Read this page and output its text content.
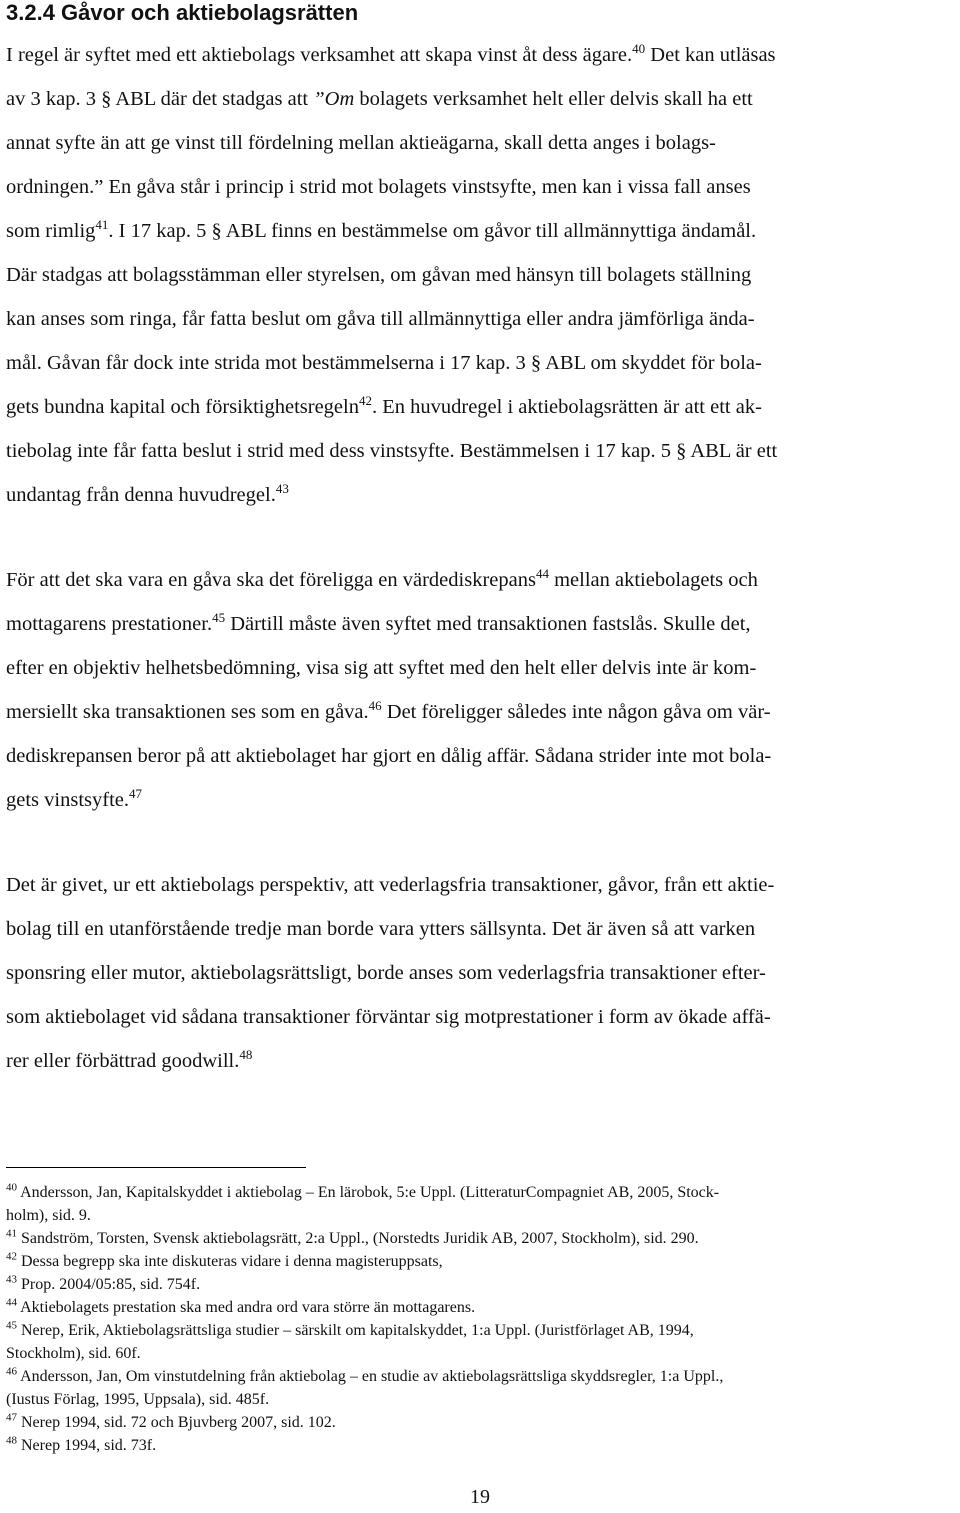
3.2.4 Gåvor och aktiebolagsrätten
I regel är syftet med ett aktiebolags verksamhet att skapa vinst åt dess ägare.$^{40}$ Det kan utläsas
av 3 kap. 3 § ABL där det stadgas att ”Om bolagets verksamhet helt eller delvis skall ha ett
annat syfte än att ge vinst till fördelning mellan aktieägarna, skall detta anges i bolags-
ordningen.” En gåva står i princip i strid mot bolagets vinstsyfte, men kan i vissa fall anses
som rimlig$^{41}$. I 17 kap. 5 § ABL finns en bestämmelse om gåvor till allmännyttiga ändamål.
Där stadgas att bolagsstämman eller styrelsen, om gåvan med hänsyn till bolagets ställning
kan anses som ringa, får fatta beslut om gåva till allmännyttiga eller andra jämförliga ända-
mål. Gåvan får dock inte strida mot bestämmelserna i 17 kap. 3 § ABL om skyddet för bola-
gets bundna kapital och försiktighetsregeln$^{42}$. En huvudregel i aktiebolagsrätten är att ett ak-
tiebolag inte får fatta beslut i strid med dess vinstsyfte. Bestämmelsen i 17 kap. 5 § ABL är ett
undantag från denna huvudregel.$^{43}$
För att det ska vara en gåva ska det föreligga en värdediskrepans$^{44}$ mellan aktiebolagets och
mottagarens prestationer.$^{45}$ Därtill måste även syftet med transaktionen fastslås. Skulle det,
efter en objektiv helhetsbedömning, visa sig att syftet med den helt eller delvis inte är kom-
mersiellt ska transaktionen ses som en gåva.$^{46}$ Det föreligger således inte någon gåva om vär-
dediskrepansen beror på att aktiebolaget har gjort en dålig affär. Sådana strider inte mot bola-
gets vinstsyfte.$^{47}$
Det är givet, ur ett aktiebolags perspektiv, att vederlagsfria transaktioner, gåvor, från ett aktie-
bolag till en utanförstående tredje man borde vara ytters sällsynta. Det är även så att varken
sponsring eller mutor, aktiebolagsrättsligt, borde anses som vederlagsfria transaktioner efter-
som aktiebolaget vid sådana transaktioner förväntar sig motprestationer i form av ökade affä-
rer eller förbättrad goodwill.$^{48}$
$^{40}$ Andersson, Jan, Kapitalskyddet i aktiebolag – En lärobok, 5:e Uppl. (LitteraturCompagniet AB, 2005, Stock-
holm), sid. 9.
$^{41}$ Sandström, Torsten, Svensk aktiebolagsrätt, 2:a Uppl., (Norstedts Juridik AB, 2007, Stockholm), sid. 290.
$^{42}$ Dessa begrepp ska inte diskuteras vidare i denna magisteruppsats,
$^{43}$ Prop. 2004/05:85, sid. 754f.
$^{44}$ Aktiebolagets prestation ska med andra ord vara större än mottagarens.
$^{45}$ Nerep, Erik, Aktiebolagsrättsliga studier – särskilt om kapitalskyddet, 1:a Uppl. (Juristförlaget AB, 1994,
Stockholm), sid. 60f.
$^{46}$ Andersson, Jan, Om vinstutdelning från aktiebolag – en studie av aktiebolagsrättsliga skyddsregler, 1:a Uppl.,
(Iustus Förlag, 1995, Uppsala), sid. 485f.
$^{47}$ Nerep 1994, sid. 72 och Bjuvberg 2007, sid. 102.
$^{48}$ Nerep 1994, sid. 73f.
19
